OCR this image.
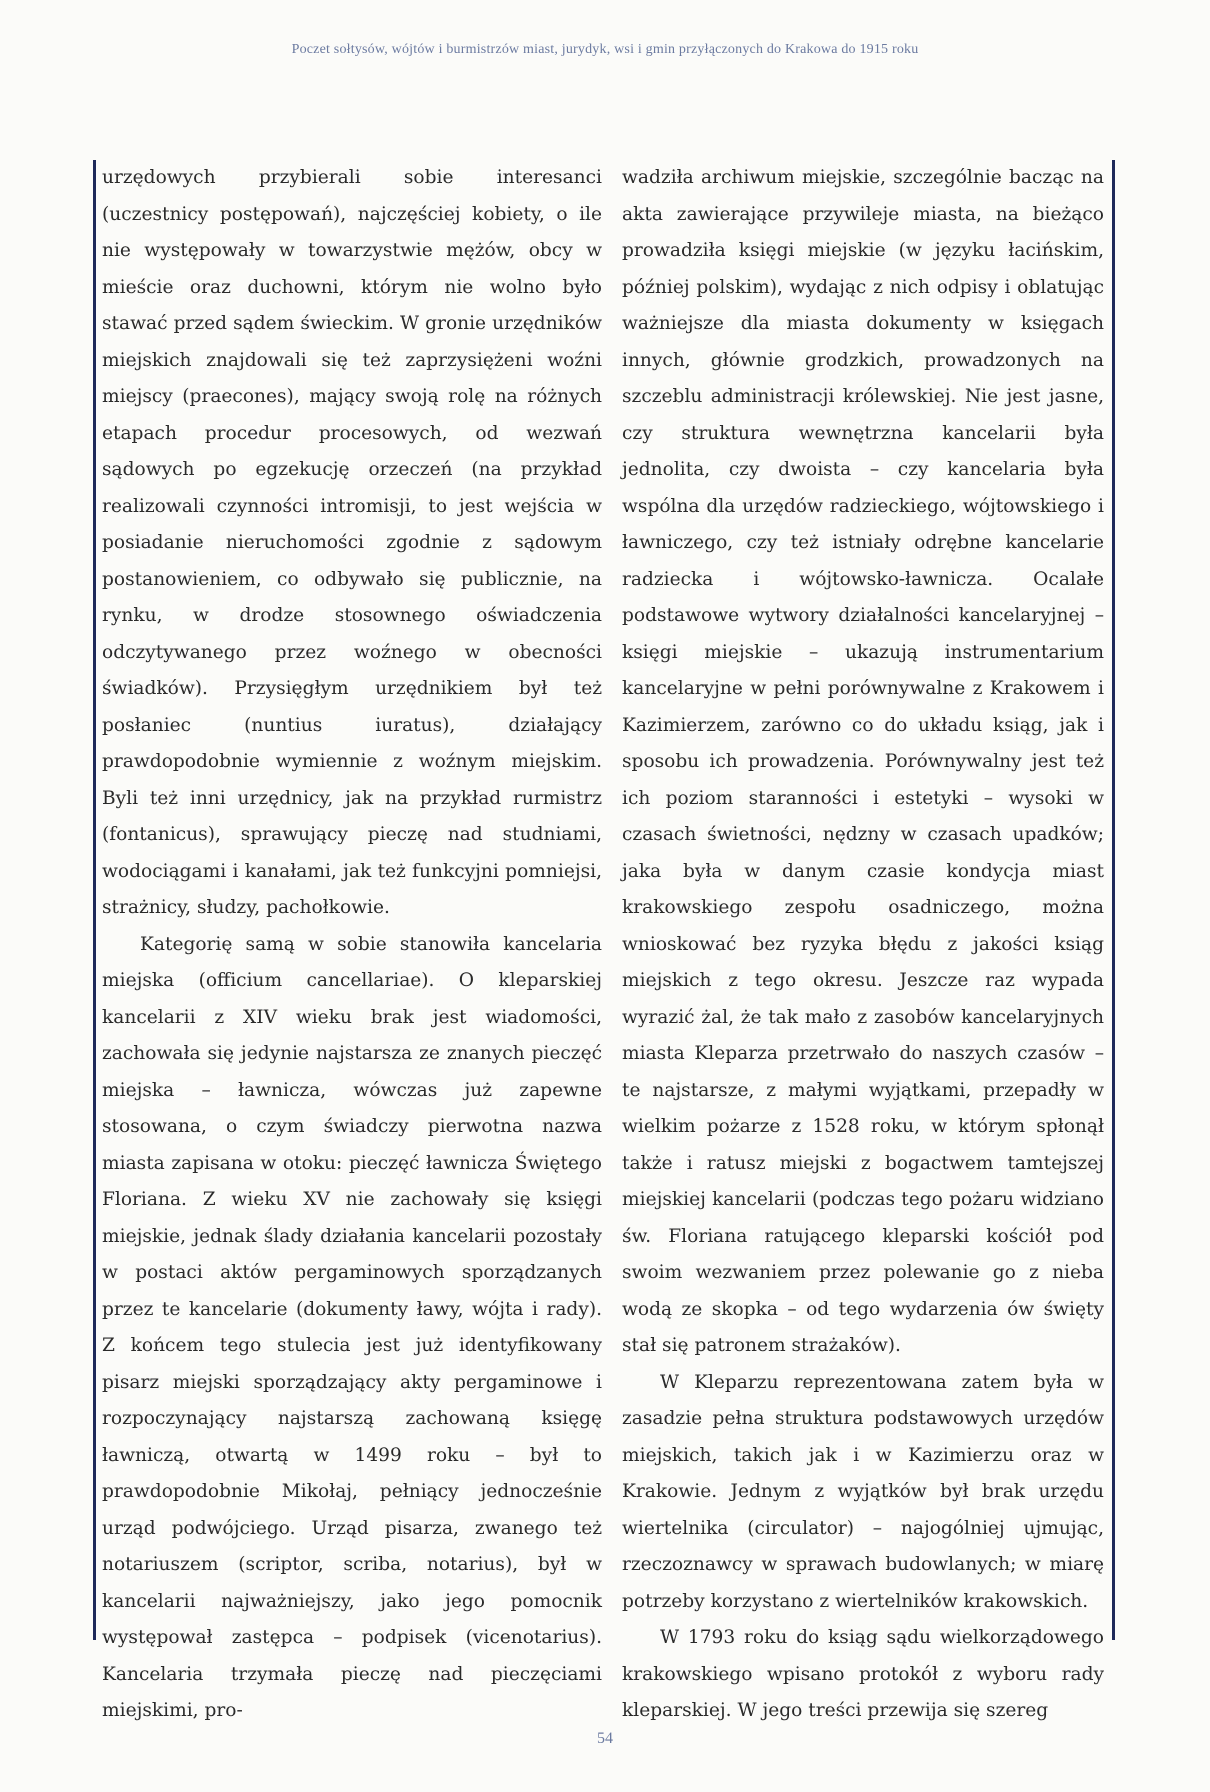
Poczet sołtysów, wójtów i burmistrzów miast, jurydyk, wsi i gmin przyłączonych do Krakowa do 1915 roku

urzędowych przybierali sobie interesanci (uczestnicy postępowań), najczęściej kobiety, o ile nie występowały w towarzystwie mężów, obcy w mieście oraz duchowni, którym nie wolno było stawać przed sądem świeckim. W gronie urzędników miejskich znajdowali się też zaprzysiężeni woźni miejscy (praecones), mający swoją rolę na różnych etapach procedur procesowych, od wezwań sądowych po egzekucję orzeczeń (na przykład realizowali czynności intromisji, to jest wejścia w posiadanie nieruchomości zgodnie z sądowym postanowieniem, co odbywało się publicznie, na rynku, w drodze stosownego oświadczenia odczytywanego przez woźnego w obecności świadków). Przysięgłym urzędnikiem był też posłaniec (nuntius iuratus), działający prawdopodobnie wymiennie z woźnym miejskim. Byli też inni urzędnicy, jak na przykład rurmistrz (fontanicus), sprawujący pieczę nad studniami, wodociągami i kanałami, jak też funkcyjni pomniejsi, strażnicy, słudzy, pachołkowie.

Kategorię samą w sobie stanowiła kancelaria miejska (officium cancellariae). O kleparskiej kancelarii z XIV wieku brak jest wiadomości, zachowała się jedynie najstarsza ze znanych pieczęć miejska – ławnicza, wówczas już zapewne stosowana, o czym świadczy pierwotna nazwa miasta zapisana w otoku: pieczęć ławnicza Świętego Floriana. Z wieku XV nie zachowały się księgi miejskie, jednak ślady działania kancelarii pozostały w postaci aktów pergaminowych sporządzanych przez te kancelarie (dokumenty ławy, wójta i rady). Z końcem tego stulecia jest już identyfikowany pisarz miejski sporządzający akty pergaminowe i rozpoczynający najstarszą zachowaną księgę ławniczą, otwartą w 1499 roku – był to prawdopodobnie Mikołaj, pełniący jednocześnie urząd podwójciego. Urząd pisarza, zwanego też notariuszem (scriptor, scriba, notarius), był w kancelarii najważniejszy, jako jego pomocnik występował zastępca – podpisek (vicenotarius). Kancelaria trzymała pieczę nad pieczęciami miejskimi, pro-

wadziła archiwum miejskie, szczególnie bacząc na akta zawierające przywileje miasta, na bieżąco prowadziła księgi miejskie (w języku łacińskim, później polskim), wydając z nich odpisy i oblatując ważniejsze dla miasta dokumenty w księgach innych, głównie grodzkich, prowadzonych na szczeblu administracji królewskiej. Nie jest jasne, czy struktura wewnętrzna kancelarii była jednolita, czy dwoista – czy kancelaria była wspólna dla urzędów radzieckiego, wójtowskiego i ławniczego, czy też istniały odrębne kancelarie radziecka i wójtowsko-ławnicza. Ocalałe podstawowe wytwory działalności kancelaryjnej – księgi miejskie – ukazują instrumentarium kancelaryjne w pełni porównywalne z Krakowem i Kazimierzem, zarówno co do układu ksiąg, jak i sposobu ich prowadzenia. Porównywalny jest też ich poziom staranności i estetyki – wysoki w czasach świetności, nędzny w czasach upadków; jaka była w danym czasie kondycja miast krakowskiego zespołu osadniczego, można wnioskować bez ryzyka błędu z jakości ksiąg miejskich z tego okresu. Jeszcze raz wypada wyrazić żal, że tak mało z zasobów kancelaryjnych miasta Kleparza przetrwało do naszych czasów – te najstarsze, z małymi wyjątkami, przepadły w wielkim pożarze z 1528 roku, w którym spłonął także i ratusz miejski z bogactwem tamtejszej miejskiej kancelarii (podczas tego pożaru widziano św. Floriana ratującego kleparski kościół pod swoim wezwaniem przez polewanie go z nieba wodą ze skopka – od tego wydarzenia ów święty stał się patronem strażaków).

W Kleparzu reprezentowana zatem była w zasadzie pełna struktura podstawowych urzędów miejskich, takich jak i w Kazimierzu oraz w Krakowie. Jednym z wyjątków był brak urzędu wiertelnika (circulator) – najogólniej ujmując, rzeczoznawcy w sprawach budowlanych; w miarę potrzeby korzystano z wiertelników krakowskich.

W 1793 roku do ksiąg sądu wielkorządowego krakowskiego wpisano protokół z wyboru rady kleparskiej. W jego treści przewija się szereg

54
